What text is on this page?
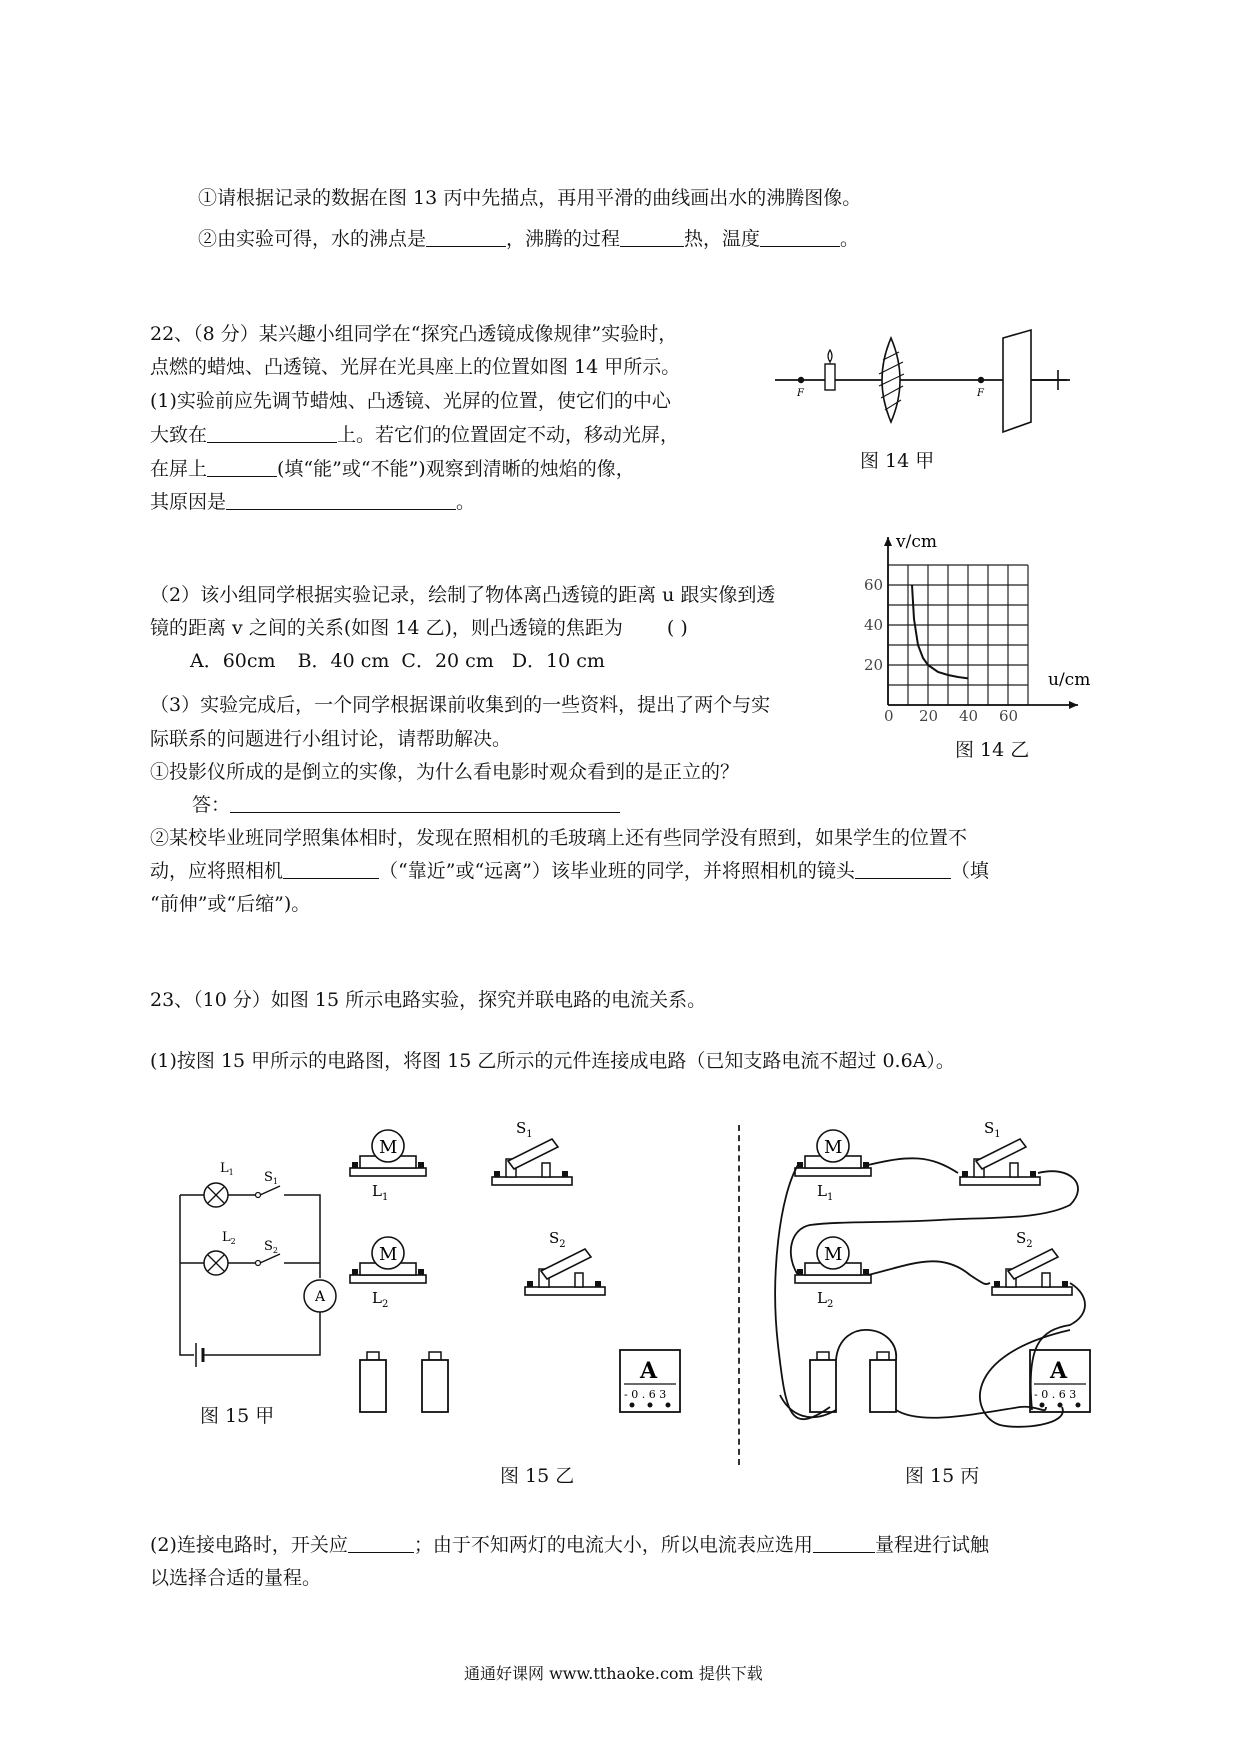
①请根据记录的数据在图 13 丙中先描点，再用平滑的曲线画出水的沸腾图像。
②由实验可得，水的沸点是	，沸腾的过程	热，温度	。
22、（8 分）某兴趣小组同学在“探究凸透镜成像规律”实验时，
点燃的蜡烛、凸透镜、光屏在光具座上的位置如图 14 甲所示。
(1)实验前应先调节蜡烛、凸透镜、光屏的位置，使它们的中心
大致在	上。若它们的位置固定不动，移动光屏，
在屏上	(填“能”或“不能”)观察到清晰的烛焰的像，
其原因是	。
（2）该小组同学根据实验记录，绘制了物体离凸透镜的距离 u 跟实像到透
镜的距离 v 之间的关系(如图 14 乙)，则凸透镜的焦距为 ( )
A．60cm B．40 cm C．20 cm D．10 cm
（3）实验完成后，一个同学根据课前收集到的一些资料，提出了两个与实
际联系的问题进行小组讨论，请帮助解决。
①投影仪所成的是倒立的实像，为什么看电影时观众看到的是正立的？
答：
②某校毕业班同学照集体相时，发现在照相机的毛玻璃上还有些同学没有照到，如果学生的位置不
动，应将照相机	（“靠近”或“远离”）该毕业班的同学，并将照相机的镜头	（填
“前伸”或“后缩”)。
F	F
图 14 甲
0 20 40 60
20
40
60
v/cm
u/cm
图 14 乙
23、（10 分）如图 15 所示电路实验，探究并联电路的电流关系。
(1)按图 15 甲所示的电路图，将图 15 乙所示的元件连接成电路（已知支路电流不超过 0.6A）。
$L_1$ $S_1$
$L_2$ $S_2$
A
图 15 甲
M
$L_1$
$S_1$
M
$L_2$
$S_2$
A
- 0 . 6 3
图 15 乙
M
$L_1$
$S_1$
M
$L_2$
$S_2$
A
- 0 . 6 3
图 15 丙
(2)连接电路时，开关应	；由于不知两灯的电流大小，所以电流表应选用	量程进行试触
以选择合适的量程。
通通好课网 www.tthaoke.com 提供下载
